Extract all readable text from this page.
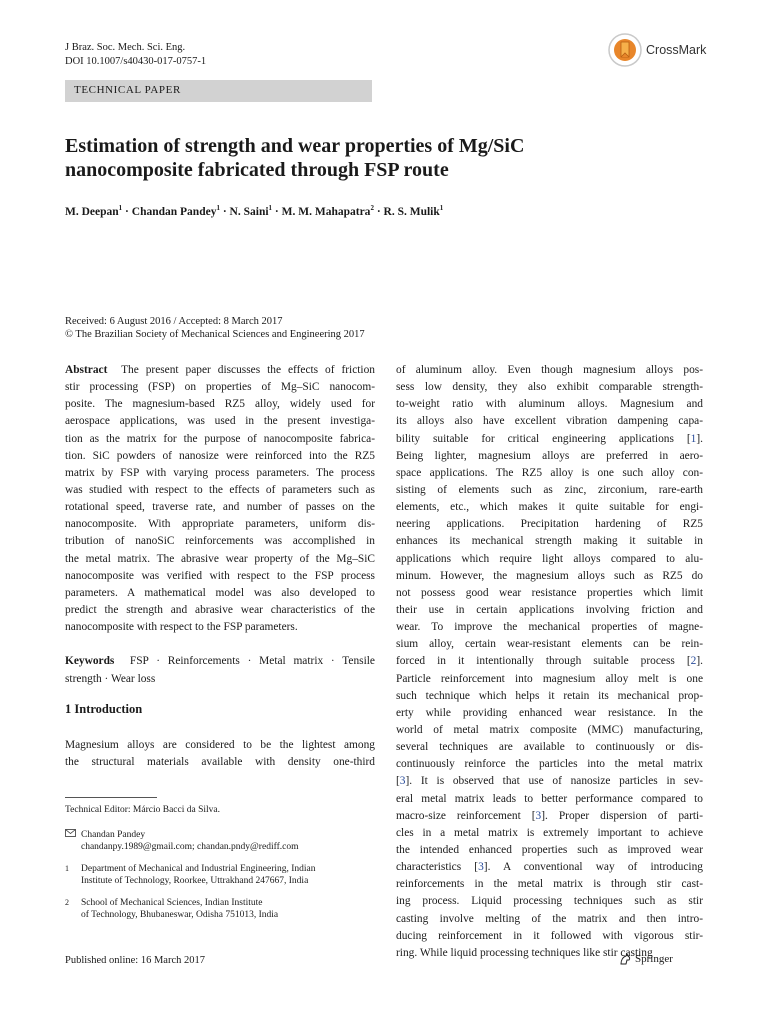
J Braz. Soc. Mech. Sci. Eng.
DOI 10.1007/s40430-017-0757-1
CrossMark
TECHNICAL PAPER
Estimation of strength and wear properties of Mg/SiC
nanocomposite fabricated through FSP route
M. Deepan$^1$ · Chandan Pandey$^1$ · N. Saini$^1$ · M. M. Mahapatra$^2$ · R. S. Mulik$^1$
Received: 6 August 2016 / Accepted: 8 March 2017
© The Brazilian Society of Mechanical Sciences and Engineering 2017
Abstract The present paper discusses the effects of friction
stir processing (FSP) on properties of Mg–SiC nanocom-
posite. The magnesium-based RZ5 alloy, widely used for
aerospace applications, was used in the present investiga-
tion as the matrix for the purpose of nanocomposite fabrica-
tion. SiC powders of nanosize were reinforced into the RZ5
matrix by FSP with varying process parameters. The process
was studied with respect to the effects of parameters such as
rotational speed, traverse rate, and number of passes on the
nanocomposite. With appropriate parameters, uniform dis-
tribution of nanoSiC reinforcements was accomplished in
the metal matrix. The abrasive wear property of the Mg–SiC
nanocomposite was verified with respect to the FSP process
parameters. A mathematical model was also developed to
predict the strength and abrasive wear characteristics of the
nanocomposite with respect to the FSP parameters.
Keywords FSP · Reinforcements · Metal matrix · Tensile
strength · Wear loss
1 Introduction
Magnesium alloys are considered to be the lightest among
the structural materials available with density one-third
Technical Editor: Márcio Bacci da Silva.
Chandan Pandey
chandanpy.1989@gmail.com; chandan.pndy@rediff.com
1	Department of Mechanical and Industrial Engineering, Indian
Institute of Technology, Roorkee, Uttrakhand 247667, India
2	School of Mechanical Sciences, Indian Institute
of Technology, Bhubaneswar, Odisha 751013, India
of aluminum alloy. Even though magnesium alloys pos-
sess low density, they also exhibit comparable strength-
to-weight ratio with aluminum alloys. Magnesium and
its alloys also have excellent vibration dampening capa-
bility suitable for critical engineering applications [1].
Being lighter, magnesium alloys are preferred in aero-
space applications. The RZ5 alloy is one such alloy con-
sisting of elements such as zinc, zirconium, rare-earth
elements, etc., which makes it quite suitable for engi-
neering applications. Precipitation hardening of RZ5
enhances its mechanical strength making it suitable in
applications which require light alloys compared to alu-
minum. However, the magnesium alloys such as RZ5 do
not possess good wear resistance properties which limit
their use in certain applications involving friction and
wear. To improve the mechanical properties of magne-
sium alloy, certain wear-resistant elements can be rein-
forced in it intentionally through suitable process [2].
Particle reinforcement into magnesium alloy melt is one
such technique which helps it retain its mechanical prop-
erty while providing enhanced wear resistance. In the
world of metal matrix composite (MMC) manufacturing,
several techniques are available to continuously or dis-
continuously reinforce the particles into the metal matrix
[3]. It is observed that use of nanosize particles in sev-
eral metal matrix leads to better performance compared to
macro-size reinforcement [3]. Proper dispersion of parti-
cles in a metal matrix is extremely important to achieve
the intended enhanced properties such as improved wear
characteristics [3]. A conventional way of introducing
reinforcements in the metal matrix is through stir cast-
ing process. Liquid processing techniques such as stir
casting involve melting of the matrix and then intro-
ducing reinforcement in it followed with vigorous stir-
ring. While liquid processing techniques like stir casting
Published online: 16 March 2017	Springer
